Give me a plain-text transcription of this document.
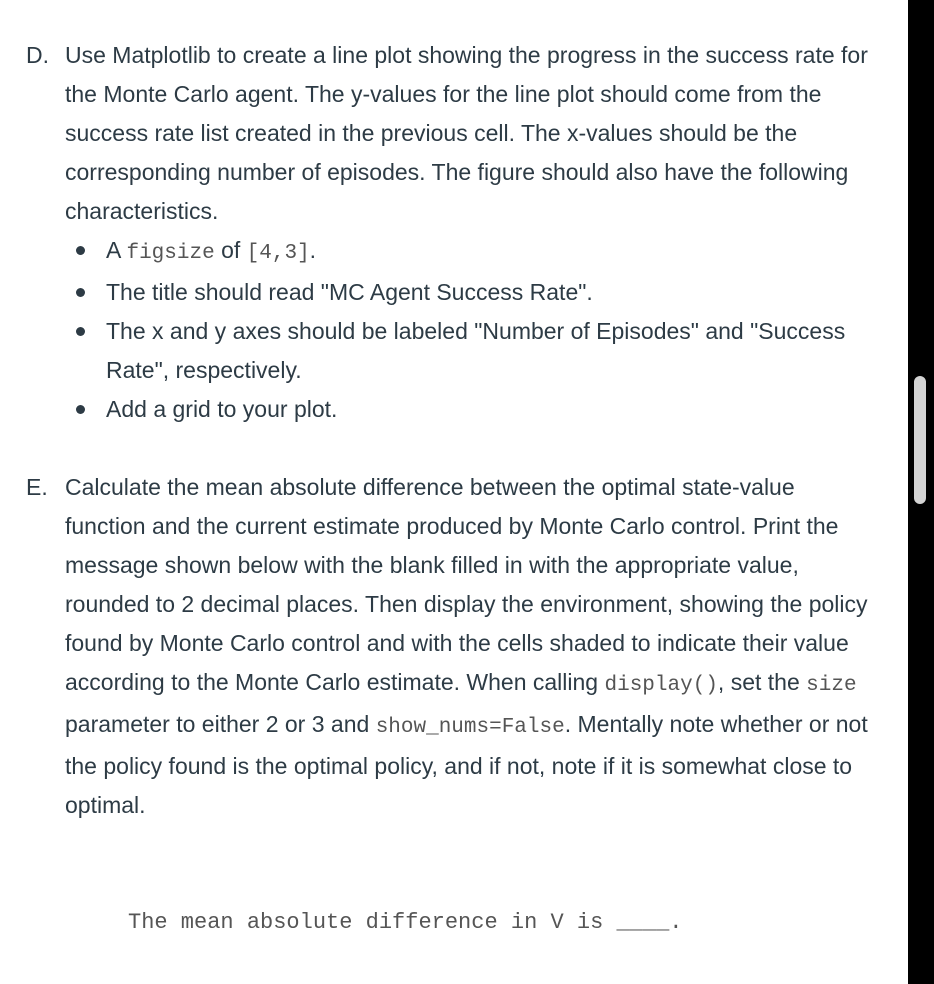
D. Use Matplotlib to create a line plot showing the progress in the success rate for the Monte Carlo agent. The y-values for the line plot should come from the success rate list created in the previous cell. The x-values should be the corresponding number of episodes. The figure should also have the following characteristics.

A figsize of [4,3].
The title should read "MC Agent Success Rate".
The x and y axes should be labeled "Number of Episodes" and "Success Rate", respectively.
Add a grid to your plot.
E. Calculate the mean absolute difference between the optimal state-value function and the current estimate produced by Monte Carlo control. Print the message shown below with the blank filled in with the appropriate value, rounded to 2 decimal places. Then display the environment, showing the policy found by Monte Carlo control and with the cells shaded to indicate their value according to the Monte Carlo estimate. When calling display(), set the size parameter to either 2 or 3 and show_nums=False. Mentally note whether or not the policy found is the optimal policy, and if not, note if it is somewhat close to optimal.

The mean absolute difference in V is ____.
